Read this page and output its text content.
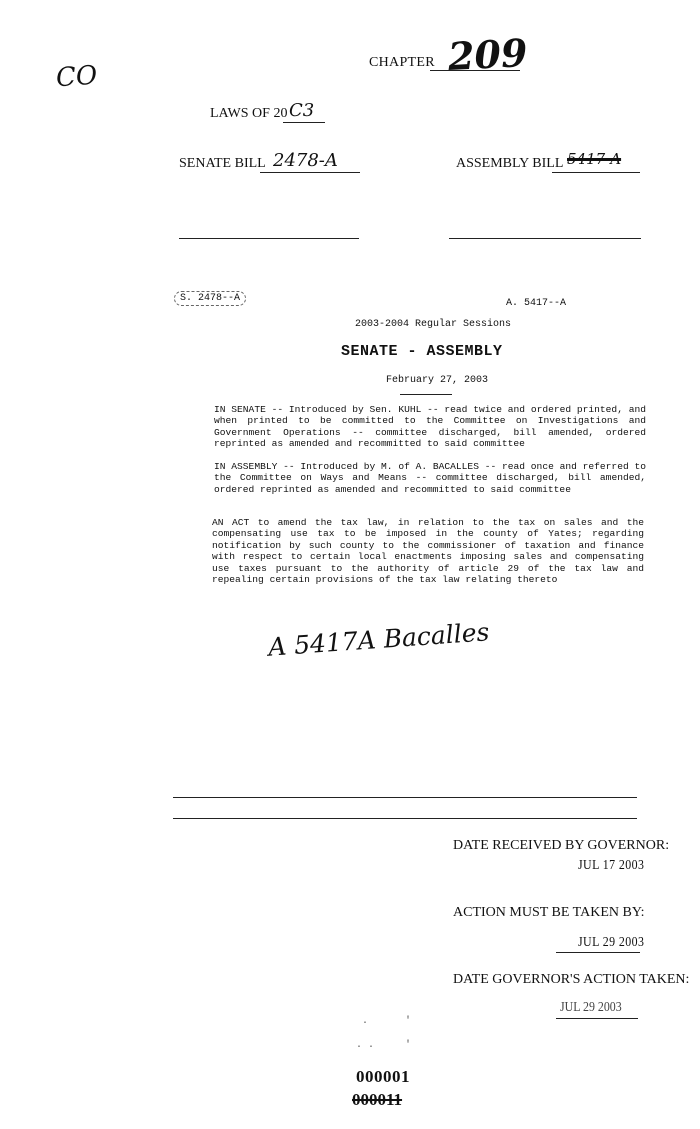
CO	CHAPTER 209
LAWS OF 20 C3
SENATE BILL 2478-A	ASSEMBLY BILL 5417-A
S. 2478--A	A. 5417--A
2003-2004 Regular Sessions
SENATE - ASSEMBLY
February 27, 2003
IN SENATE -- Introduced by Sen. KUHL -- read twice and ordered printed, and when printed to be committed to the Committee on Investigations and Government Operations -- committee discharged, bill amended, ordered reprinted as amended and recommitted to said committee
IN ASSEMBLY -- Introduced by M. of A. BACALLES -- read once and referred to the Committee on Ways and Means -- committee discharged, bill amended, ordered reprinted as amended and recommitted to said committee
AN ACT to amend the tax law, in relation to the tax on sales and the compensating use tax to be imposed in the county of Yates; regarding notification by such county to the commissioner of taxation and finance with respect to certain local enactments imposing sales and compensating use taxes pursuant to the authority of article 29 of the tax law and repealing certain provisions of the tax law relating thereto
A 5417A Bacalles
DATE RECEIVED BY GOVERNOR:
JUL 17 2003
ACTION MUST BE TAKEN BY:
JUL 29 2003
DATE GOVERNOR'S ACTION TAKEN:
JUL 29 2003
.	'
. .	'
000001
000011
